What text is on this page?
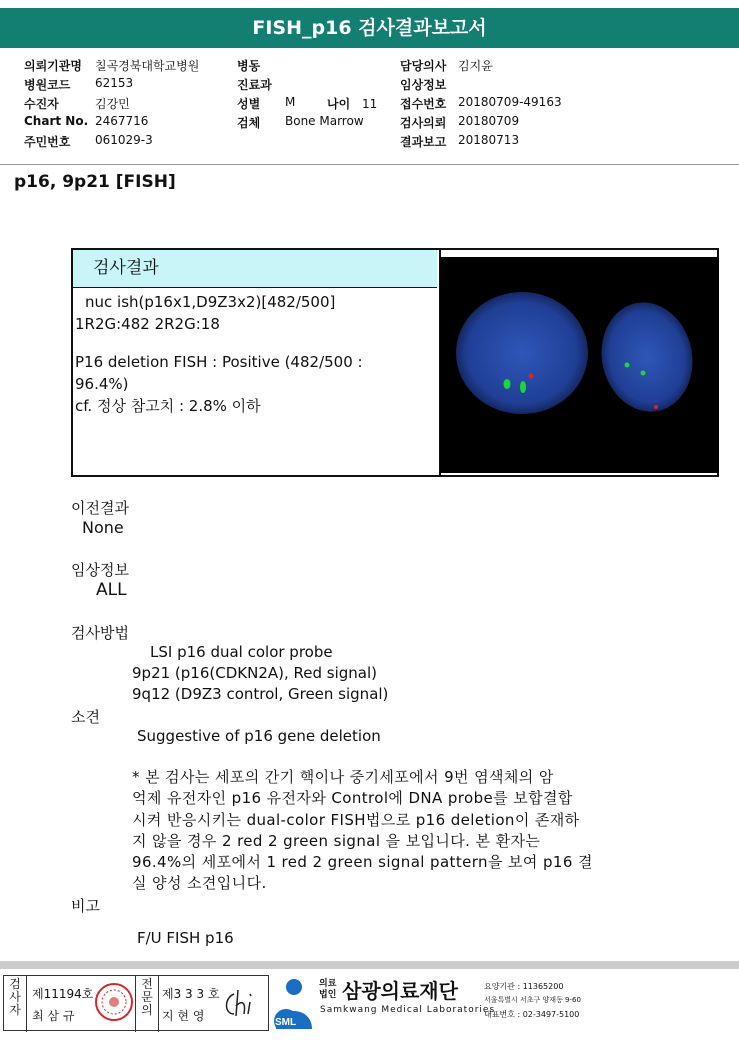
FISH_p16 검사결과보고서
의뢰기관명
병원코드
수진자
Chart No.
주민번호
칠곡경북대학교병원
62153
김강민
2467716
061029-3
병동
진료과
성별
검체
M
Bone Marrow
나이 11
담당의사
임상정보
접수번호
검사의뢰
결과보고
김지윤
20180709-49163
20180709
20180713
p16, 9p21 [FISH]
검사결과
nuc ish(p16x1,D9Z3x2)[482/500]
1R2G:482 2R2G:18
P16 deletion FISH : Positive (482/500 :
96.4%)
cf. 정상 참고치 : 2.8% 이하
이전결과
None
임상정보
ALL
검사방법
LSI p16 dual color probe
9p21 (p16(CDKN2A), Red signal)
9q12 (D9Z3 control, Green signal)
소견
Suggestive of p16 gene deletion
* 본 검사는 세포의 간기 핵이나 중기세포에서 9번 염색체의 암
억제 유전자인 p16 유전자와 Control에 DNA probe를 보합결합
시켜 반응시키는 dual-color FISH법으로 p16 deletion이 존재하
지 않을 경우 2 red 2 green signal 을 보입니다. 본 환자는
96.4%의 세포에서 1 red 2 green signal pattern을 보여 p16 결
실 양성 소견입니다.
비고
F/U FISH p16
검
사
자
제11194호
최 삼 규
전
문
의
제3 3 3 호
지 현 영	SML
의료
법인 삼광의료재단
Samkwang Medical Laboratories
요양기관 : 11365200
서울특별시 서초구 양재동 9-60
대표번호 : 02-3497-5100
